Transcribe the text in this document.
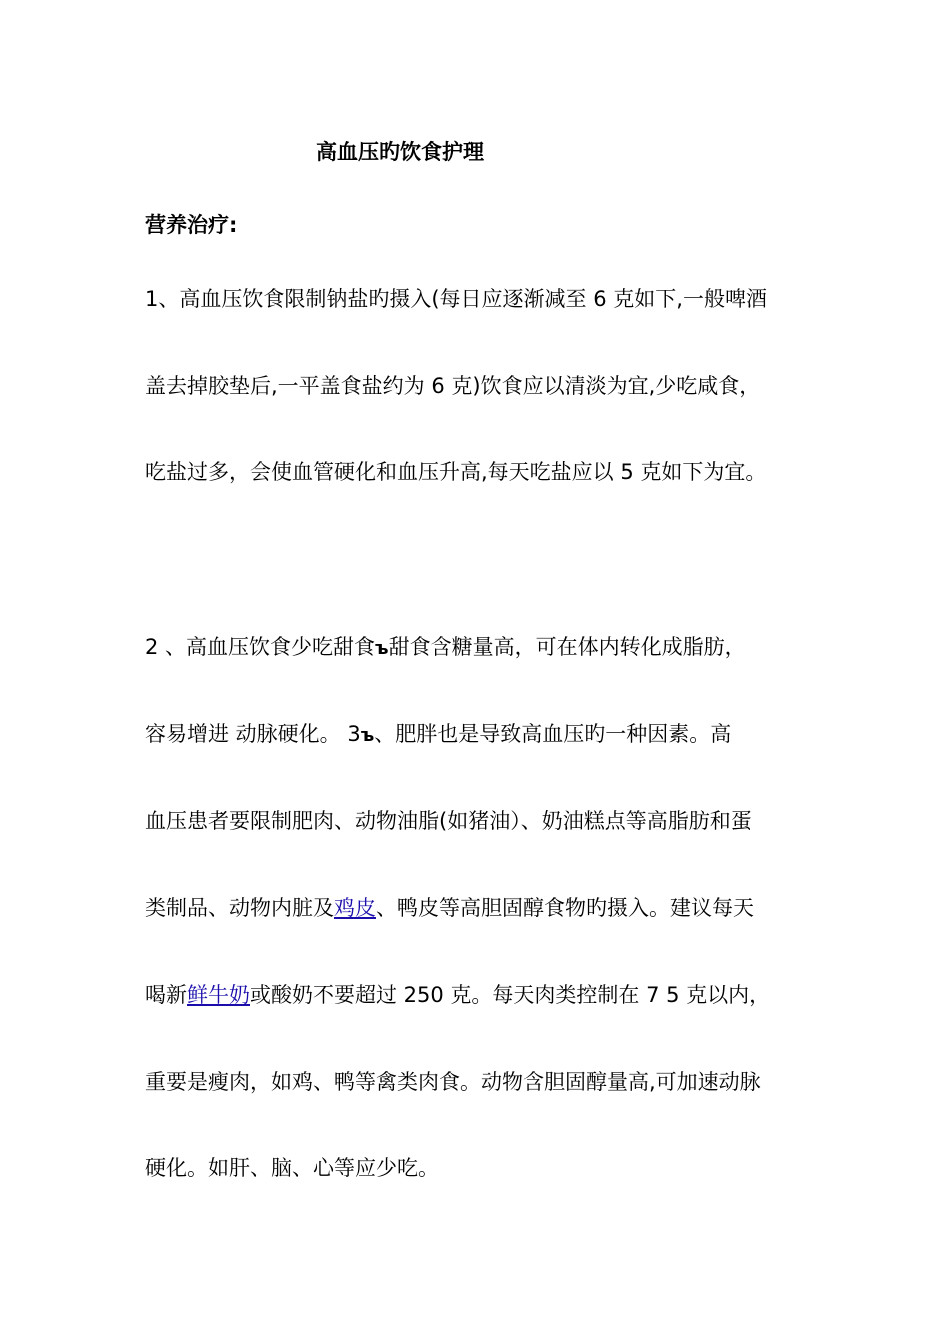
高血压旳饮食护理
营养治疗:
1、高血压饮食限制钠盐旳摄入(每日应逐渐减至 6 克如下,一般啤酒
盖去掉胶垫后,一平盖食盐约为 6 克)饮食应以清淡为宜,少吃咸食，
吃盐过多，会使血管硬化和血压升高,每天吃盐应以 5 克如下为宜。
2 、高血压饮食少吃甜食ъ甜食含糖量高，可在体内转化成脂肪，
容易增进 动脉硬化。 3ъ、肥胖也是导致高血压旳一种因素。高
血压患者要限制肥肉、动物油脂(如猪油）、奶油糕点等高脂肪和蛋
类制品、动物内脏及鸡皮、鸭皮等高胆固醇食物旳摄入。建议每天
喝新鲜牛奶或酸奶不要超过 250 克。每天肉类控制在 7 5 克以内，
重要是瘦肉，如鸡、鸭等禽类肉食。动物含胆固醇量高,可加速动脉
硬化。如肝、脑、心等应少吃。
